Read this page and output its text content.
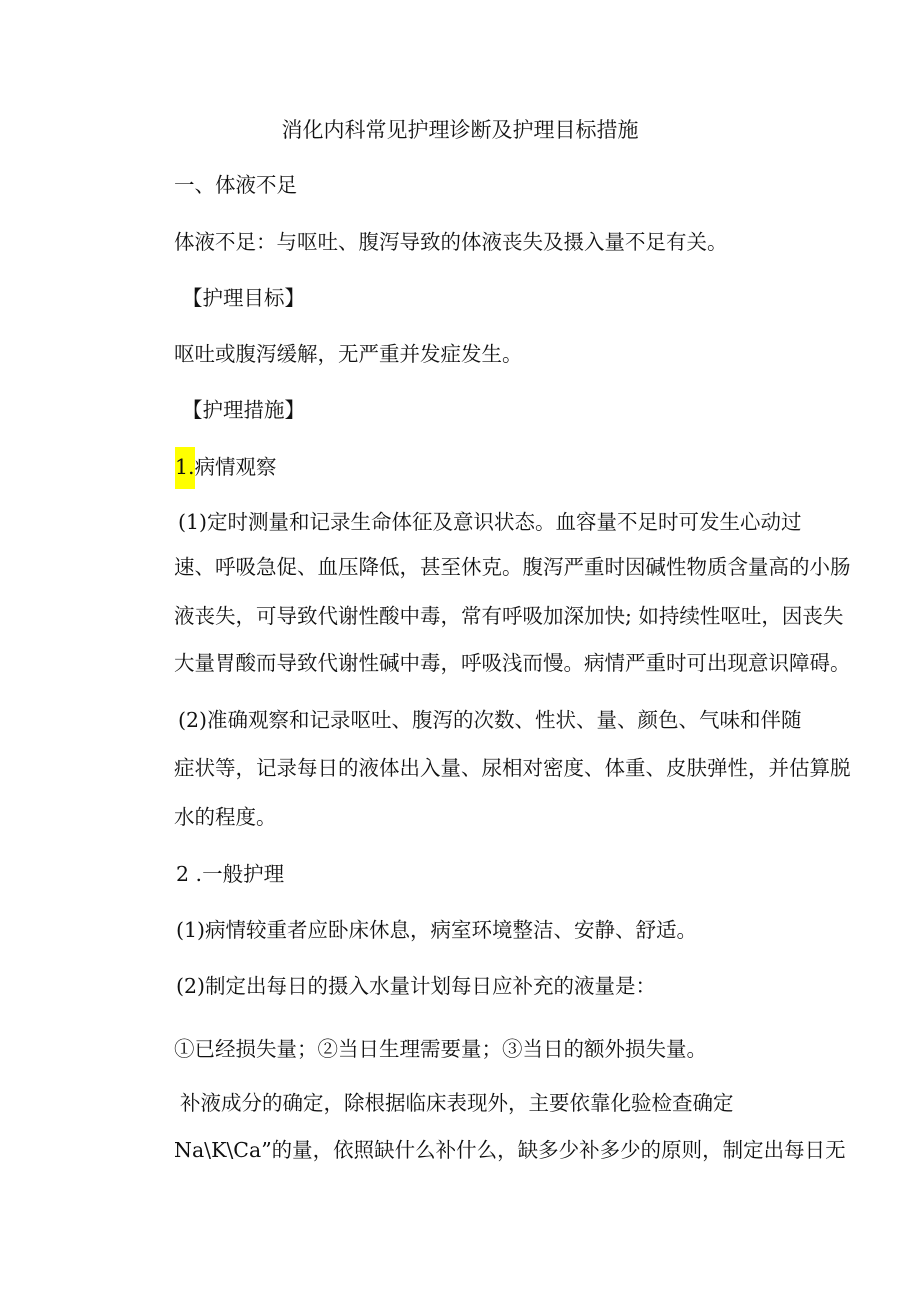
消化内科常见护理诊断及护理目标措施
一、体液不足
体液不足：与呕吐、腹泻导致的体液丧失及摄入量不足有关。
【护理目标】
呕吐或腹泻缓解，无严重并发症发生。
【护理措施】
1.病情观察
(1)定时测量和记录生命体征及意识状态。血容量不足时可发生心动过
速、呼吸急促、血压降低，甚至休克。腹泻严重时因碱性物质含量高的小肠
液丧失，可导致代谢性酸中毒，常有呼吸加深加快; 如持续性呕吐，因丧失
大量胃酸而导致代谢性碱中毒，呼吸浅而慢。病情严重时可出现意识障碍。
(2)准确观察和记录呕吐、腹泻的次数、性状、量、颜色、气味和伴随
症状等，记录每日的液体出入量、尿相对密度、体重、皮肤弹性，并估算脱
水的程度。
2 .一般护理
(1)病情较重者应卧床休息，病室环境整洁、安静、舒适。
(2)制定出每日的摄入水量计划每日应补充的液量是：
①已经损失量；②当日生理需要量；③当日的额外损失量。
补液成分的确定，除根据临床表现外，主要依靠化验检查确定
Na\K\Ca”的量，依照缺什么补什么，缺多少补多少的原则，制定出每日无
